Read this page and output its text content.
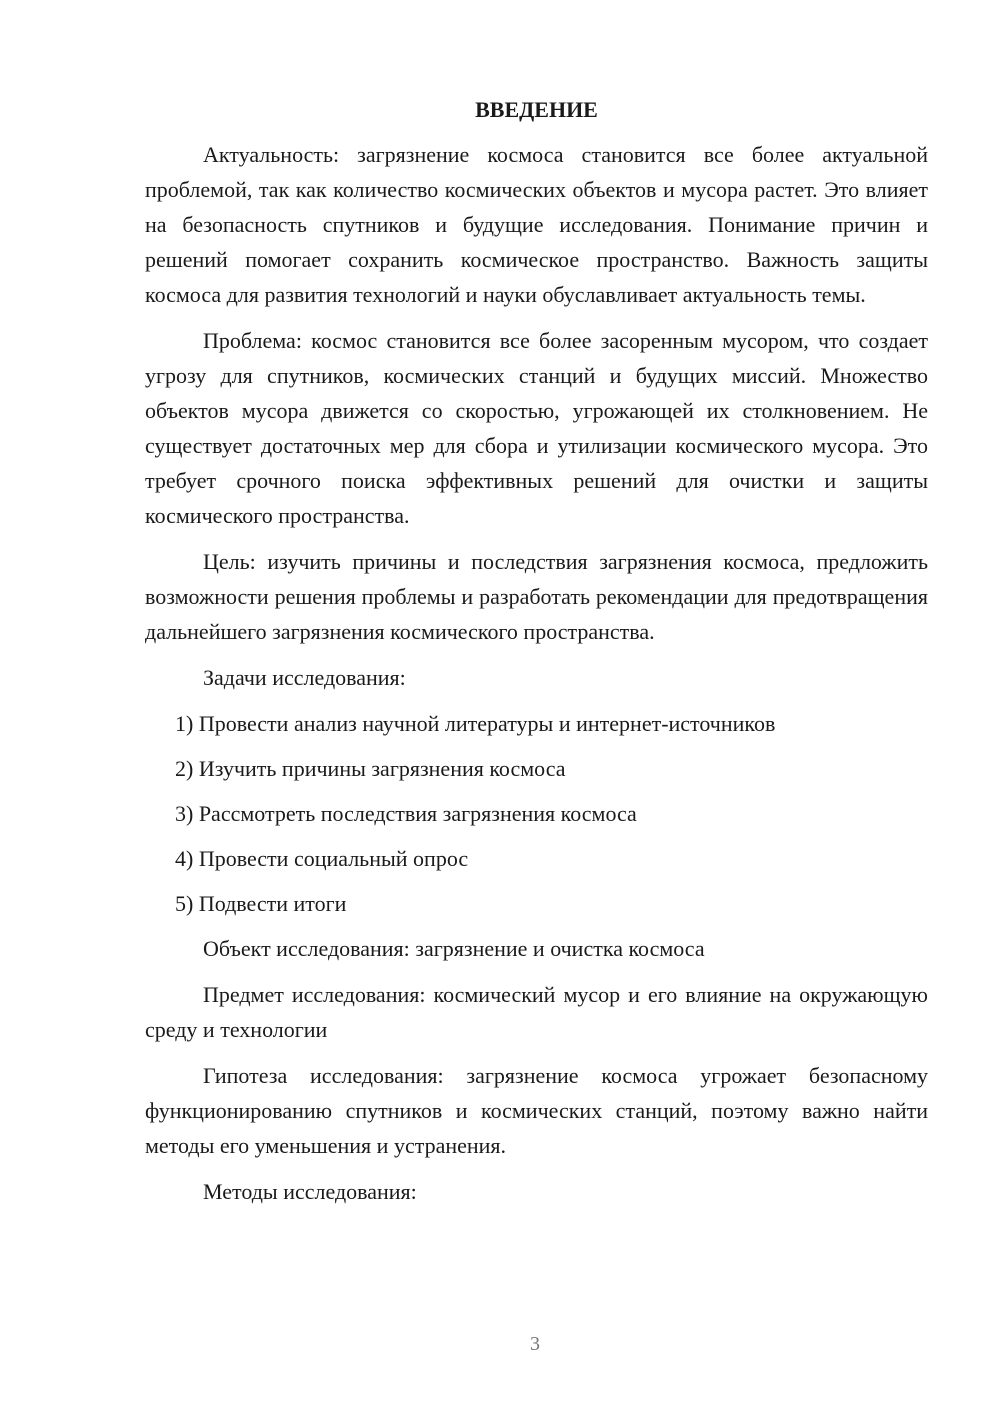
ВВЕДЕНИЕ

Актуальность: загрязнение космоса становится все более актуальной проблемой, так как количество космических объектов и мусора растет. Это влияет на безопасность спутников и будущие исследования. Понимание причин и решений помогает сохранить космическое пространство. Важность защиты космоса для развития технологий и науки обуславливает актуальность темы.

Проблема: космос становится все более засоренным мусором, что создает угрозу для спутников, космических станций и будущих миссий. Множество объектов мусора движется со скоростью, угрожающей их столкновением. Не существует достаточных мер для сбора и утилизации космического мусора. Это требует срочного поиска эффективных решений для очистки и защиты космического пространства.

Цель: изучить причины и последствия загрязнения космоса, предложить возможности решения проблемы и разработать рекомендации для предотвращения дальнейшего загрязнения космического пространства.

Задачи исследования:

1) Провести анализ научной литературы и интернет-источников
2) Изучить причины загрязнения космоса
3) Рассмотреть последствия загрязнения космоса
4) Провести социальный опрос
5) Подвести итоги

Объект исследования: загрязнение и очистка космоса

Предмет исследования: космический мусор и его влияние на окружающую среду и технологии

Гипотеза исследования: загрязнение космоса угрожает безопасному функционированию спутников и космических станций, поэтому важно найти методы его уменьшения и устранения.

Методы исследования:

3
